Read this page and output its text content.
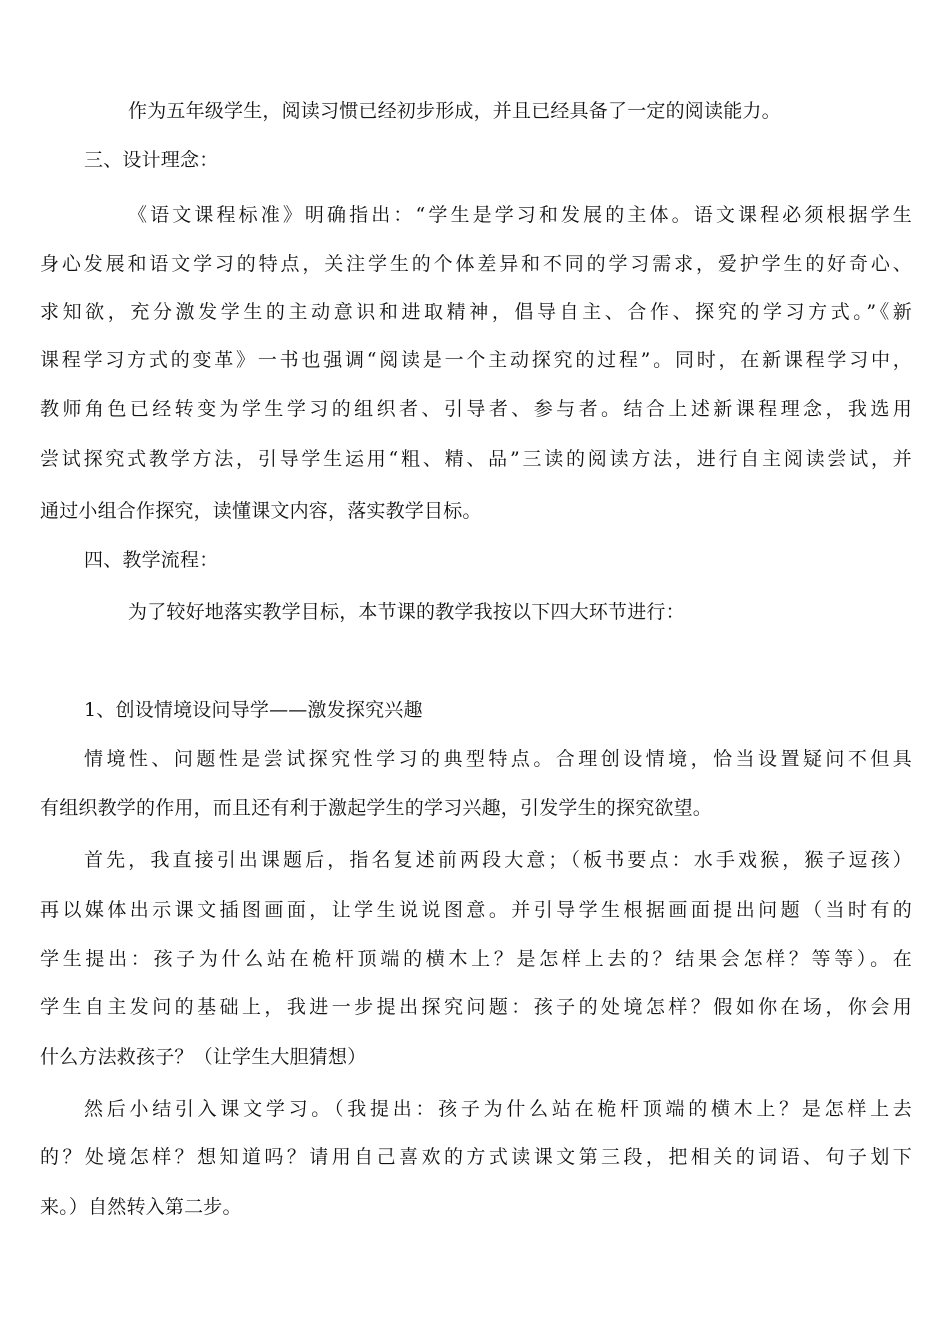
作为五年级学生，阅读习惯已经初步形成，并且已经具备了一定的阅读能力。
三、设计理念：
《语文课程标准》明确指出：“学生是学习和发展的主体。语文课程必须根据学生
身心发展和语文学习的特点，关注学生的个体差异和不同的学习需求，爱护学生的好奇心、
求知欲，充分激发学生的主动意识和进取精神，倡导自主、合作、探究的学习方式。”《新
课程学习方式的变革》一书也强调“阅读是一个主动探究的过程”。同时，在新课程学习中，
教师角色已经转变为学生学习的组织者、引导者、参与者。结合上述新课程理念，我选用
尝试探究式教学方法，引导学生运用“粗、精、品”三读的阅读方法，进行自主阅读尝试，并
通过小组合作探究，读懂课文内容，落实教学目标。
四、教学流程：
为了较好地落实教学目标，本节课的教学我按以下四大环节进行：
1、创设情境设问导学——激发探究兴趣
情境性、问题性是尝试探究性学习的典型特点。合理创设情境，恰当设置疑问不但具
有组织教学的作用，而且还有利于激起学生的学习兴趣，引发学生的探究欲望。
首先，我直接引出课题后，指名复述前两段大意；（板书要点：水手戏猴，猴子逗孩）
再以媒体出示课文插图画面，让学生说说图意。并引导学生根据画面提出问题（当时有的
学生提出：孩子为什么站在桅杆顶端的横木上？是怎样上去的？结果会怎样？等等）。在
学生自主发问的基础上，我进一步提出探究问题：孩子的处境怎样？假如你在场，你会用
什么方法救孩子？（让学生大胆猜想）
然后小结引入课文学习。（我提出：孩子为什么站在桅杆顶端的横木上？是怎样上去
的？处境怎样？想知道吗？请用自己喜欢的方式读课文第三段，把相关的词语、句子划下
来。）自然转入第二步。
